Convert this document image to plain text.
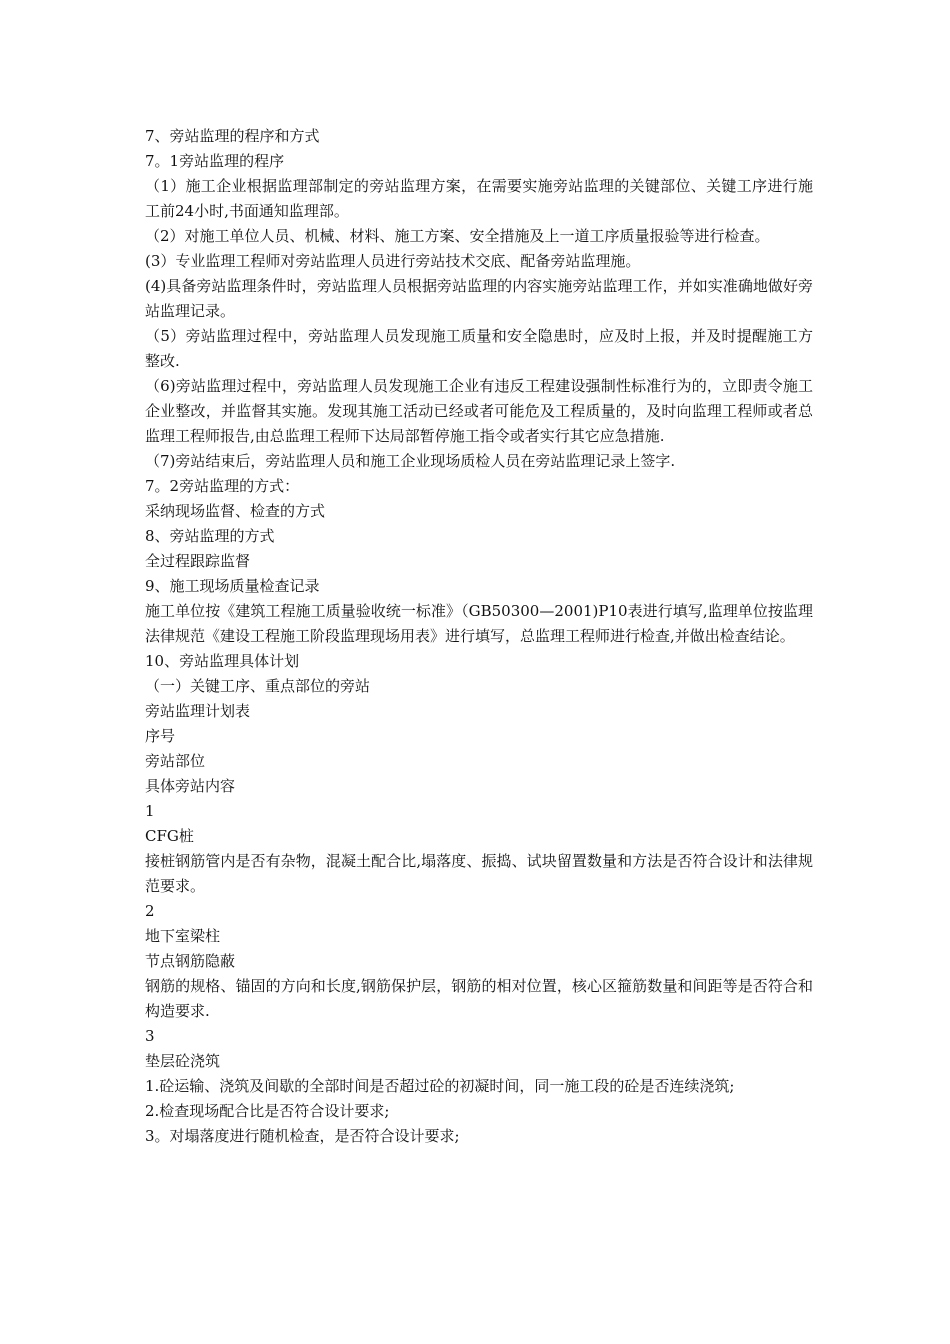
7、旁站监理的程序和方式

7。1旁站监理的程序

（1）施工企业根据监理部制定的旁站监理方案，在需要实施旁站监理的关键部位、关键工序进行施工前24小时,书面通知监理部。

（2）对施工单位人员、机械、材料、施工方案、安全措施及上一道工序质量报验等进行检查。

(3）专业监理工程师对旁站监理人员进行旁站技术交底、配备旁站监理施。

(4)具备旁站监理条件时，旁站监理人员根据旁站监理的内容实施旁站监理工作，并如实准确地做好旁站监理记录。

（5）旁站监理过程中，旁站监理人员发现施工质量和安全隐患时，应及时上报，并及时提醒施工方整改.

（6)旁站监理过程中，旁站监理人员发现施工企业有违反工程建设强制性标准行为的，立即责令施工企业整改，并监督其实施。发现其施工活动已经或者可能危及工程质量的，及时向监理工程师或者总监理工程师报告,由总监理工程师下达局部暂停施工指令或者实行其它应急措施.

（7)旁站结束后，旁站监理人员和施工企业现场质检人员在旁站监理记录上签字.

7。2旁站监理的方式：

采纳现场监督、检查的方式

8、旁站监理的方式

全过程跟踪监督

9、施工现场质量检查记录

施工单位按《建筑工程施工质量验收统一标准》（GB50300—2001)P10表进行填写,监理单位按监理法律规范《建设工程施工阶段监理现场用表》进行填写，总监理工程师进行检查,并做出检查结论。

10、旁站监理具体计划

（一）关键工序、重点部位的旁站

旁站监理计划表

序号

旁站部位

具体旁站内容

1

CFG桩

接桩钢筋管内是否有杂物，混凝土配合比,塌落度、振捣、试块留置数量和方法是否符合设计和法律规范要求。

2

地下室梁柱

节点钢筋隐蔽

钢筋的规格、锚固的方向和长度,钢筋保护层，钢筋的相对位置，核心区箍筋数量和间距等是否符合和构造要求.

3

垫层砼浇筑

1.砼运输、浇筑及间歇的全部时间是否超过砼的初凝时间，同一施工段的砼是否连续浇筑;

2.检查现场配合比是否符合设计要求;

3。对塌落度进行随机检查，是否符合设计要求;
